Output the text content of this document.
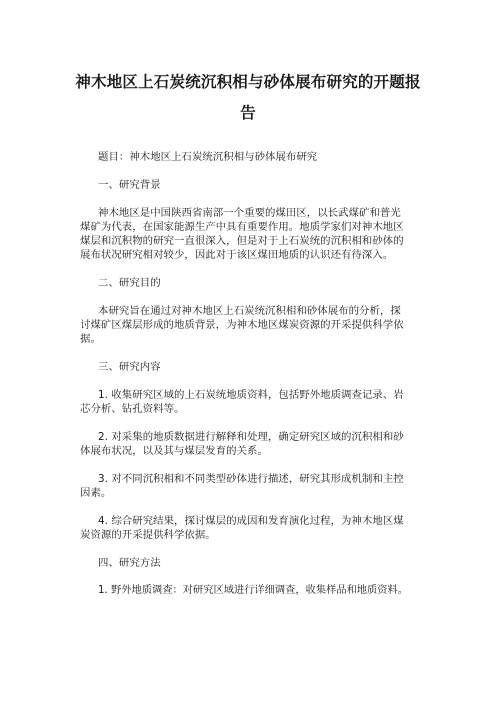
神木地区上石炭统沉积相与砂体展布研究的开题报
告
题目：神木地区上石炭统沉积相与砂体展布研究
一、研究背景
神木地区是中国陕西省南部一个重要的煤田区，以长武煤矿和普光
煤矿为代表，在国家能源生产中具有重要作用。地质学家们对神木地区
煤层和沉积物的研究一直很深入，但是对于上石炭统的沉积相和砂体的
展布状况研究相对较少，因此对于该区煤田地质的认识还有待深入。
二、研究目的
本研究旨在通过对神木地区上石炭统沉积相和砂体展布的分析，探
讨煤矿区煤层形成的地质背景，为神木地区煤炭资源的开采提供科学依
据。
三、研究内容
1. 收集研究区域的上石炭统地质资料，包括野外地质调查记录、岩
芯分析、钻孔资料等。
2. 对采集的地质数据进行解释和处理，确定研究区域的沉积相和砂
体展布状况，以及其与煤层发育的关系。
3. 对不同沉积相和不同类型砂体进行描述，研究其形成机制和主控
因素。
4. 综合研究结果，探讨煤层的成因和发育演化过程，为神木地区煤
炭资源的开采提供科学依据。
四、研究方法
1. 野外地质调查：对研究区域进行详细调查，收集样品和地质资料。
